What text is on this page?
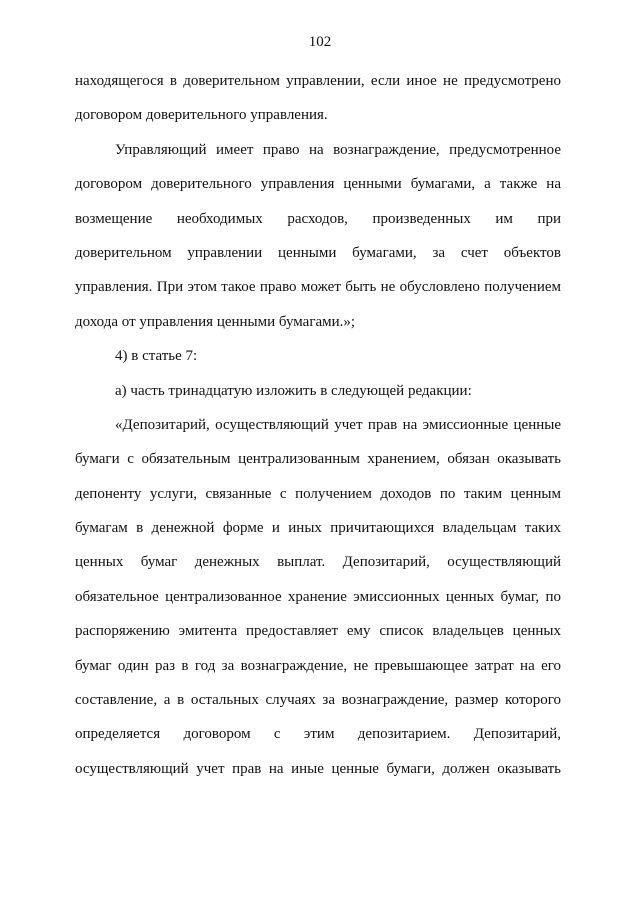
102
находящегося в доверительном управлении, если иное не предусмотрено
договором доверительного управления.
Управляющий имеет право на вознаграждение, предусмотренное
договором доверительного управления ценными бумагами, а также на
возмещение необходимых расходов, произведенных им при
доверительном управлении ценными бумагами, за счет объектов
управления. При этом такое право может быть не обусловлено получением
дохода от управления ценными бумагами.»;
4) в статье 7:
а) часть тринадцатую изложить в следующей редакции:
«Депозитарий, осуществляющий учет прав на эмиссионные ценные
бумаги с обязательным централизованным хранением, обязан оказывать
депоненту услуги, связанные с получением доходов по таким ценным
бумагам в денежной форме и иных причитающихся владельцам таких
ценных бумаг денежных выплат. Депозитарий, осуществляющий
обязательное централизованное хранение эмиссионных ценных бумаг, по
распоряжению эмитента предоставляет ему список владельцев ценных
бумаг один раз в год за вознаграждение, не превышающее затрат на его
составление, а в остальных случаях за вознаграждение, размер которого
определяется договором с этим депозитарием. Депозитарий,
осуществляющий учет прав на иные ценные бумаги, должен оказывать
